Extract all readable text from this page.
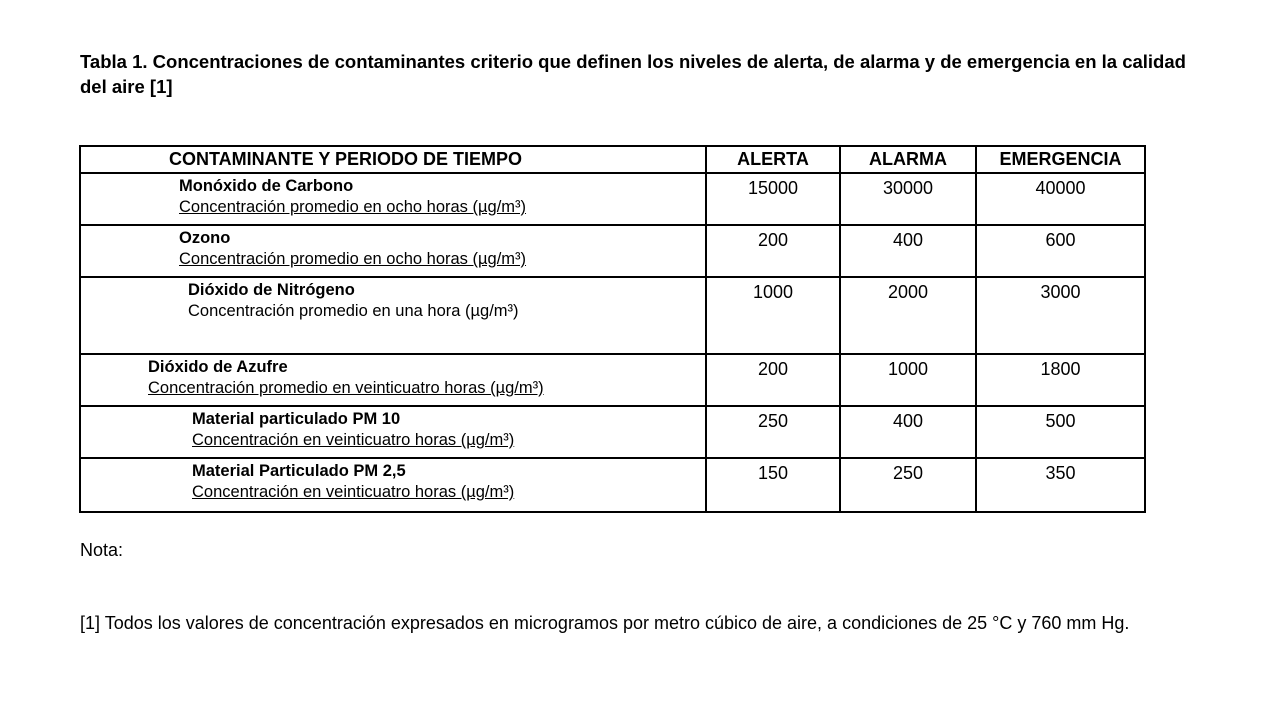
Tabla 1. Concentraciones de contaminantes criterio que definen los niveles de alerta, de alarma y de emergencia en la calidad del aire [1]
CONTAMINANTE Y PERIODO DE TIEMPO	ALERTA	ALARMA	EMERGENCIA

Monóxido de Carbono
Concentración promedio en ocho horas (µg/m³)	15000	30000	40000

Ozono
Concentración promedio en ocho horas (µg/m³)	200	400	600

Dióxido de Nitrógeno
Concentración promedio en una hora (µg/m³)	1000	2000	3000

Dióxido de Azufre
Concentración promedio en veinticuatro horas (µg/m³)	200	1000	1800

Material particulado PM 10
Concentración en veinticuatro horas (µg/m³)	250	400	500

Material Particulado PM 2,5
Concentración en veinticuatro horas (µg/m³)	150	250	350
Nota:
[1] Todos los valores de concentración expresados en microgramos por metro cúbico de aire, a condiciones de 25 °C y 760 mm Hg.
